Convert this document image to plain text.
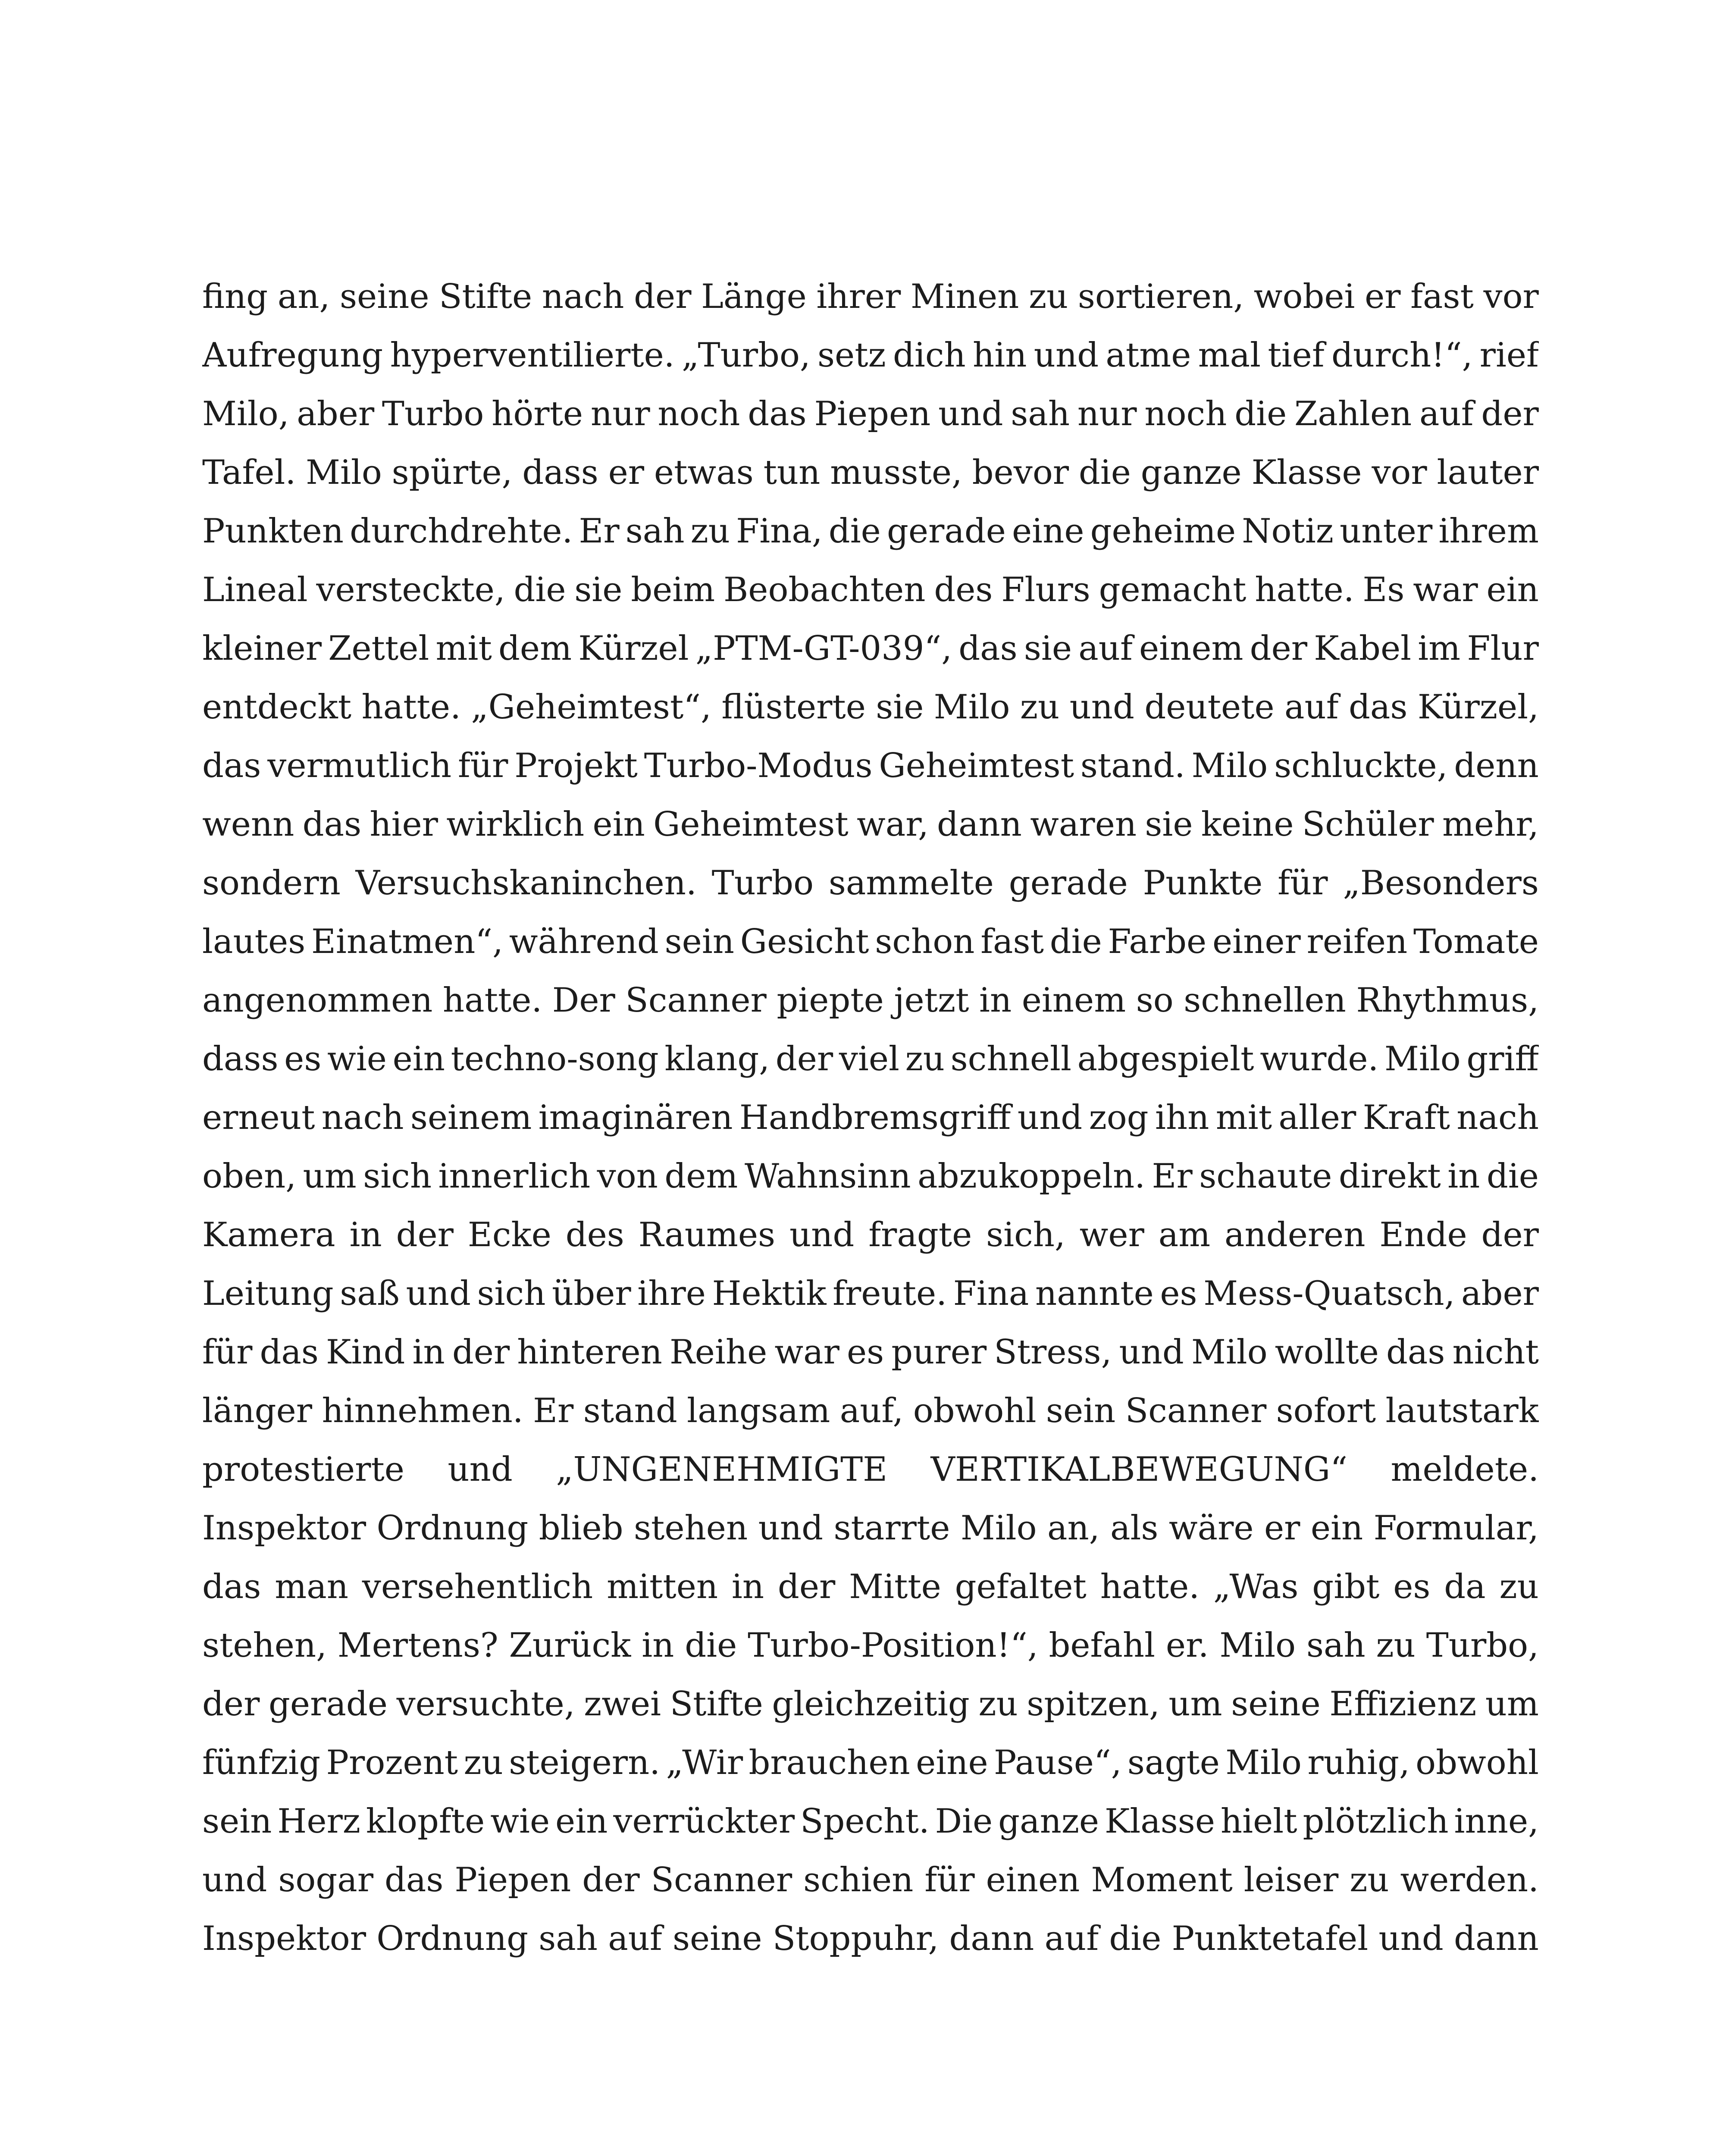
fing an, seine Stifte nach der Länge ihrer Minen zu sortieren, wobei er fast vor
Aufregung hyperventilierte. „Turbo, setz dich hin und atme mal tief durch!“, rief
Milo, aber Turbo hörte nur noch das Piepen und sah nur noch die Zahlen auf der
Tafel. Milo spürte, dass er etwas tun musste, bevor die ganze Klasse vor lauter
Punkten durchdrehte. Er sah zu Fina, die gerade eine geheime Notiz unter ihrem
Lineal versteckte, die sie beim Beobachten des Flurs gemacht hatte. Es war ein
kleiner Zettel mit dem Kürzel „PTM-GT-039“, das sie auf einem der Kabel im Flur
entdeckt hatte. „Geheimtest“, flüsterte sie Milo zu und deutete auf das Kürzel,
das vermutlich für Projekt Turbo-Modus Geheimtest stand. Milo schluckte, denn
wenn das hier wirklich ein Geheimtest war, dann waren sie keine Schüler mehr,
sondern Versuchskaninchen. Turbo sammelte gerade Punkte für „Besonders
lautes Einatmen“, während sein Gesicht schon fast die Farbe einer reifen Tomate
angenommen hatte. Der Scanner piepte jetzt in einem so schnellen Rhythmus,
dass es wie ein techno-song klang, der viel zu schnell abgespielt wurde. Milo griff
erneut nach seinem imaginären Handbremsgriff und zog ihn mit aller Kraft nach
oben, um sich innerlich von dem Wahnsinn abzukoppeln. Er schaute direkt in die
Kamera in der Ecke des Raumes und fragte sich, wer am anderen Ende der
Leitung saß und sich über ihre Hektik freute. Fina nannte es Mess-Quatsch, aber
für das Kind in der hinteren Reihe war es purer Stress, und Milo wollte das nicht
länger hinnehmen. Er stand langsam auf, obwohl sein Scanner sofort lautstark
protestierte und „UNGENEHMIGTE VERTIKALBEWEGUNG“ meldete.
Inspektor Ordnung blieb stehen und starrte Milo an, als wäre er ein Formular,
das man versehentlich mitten in der Mitte gefaltet hatte. „Was gibt es da zu
stehen, Mertens? Zurück in die Turbo-Position!“, befahl er. Milo sah zu Turbo,
der gerade versuchte, zwei Stifte gleichzeitig zu spitzen, um seine Effizienz um
fünfzig Prozent zu steigern. „Wir brauchen eine Pause“, sagte Milo ruhig, obwohl
sein Herz klopfte wie ein verrückter Specht. Die ganze Klasse hielt plötzlich inne,
und sogar das Piepen der Scanner schien für einen Moment leiser zu werden.
Inspektor Ordnung sah auf seine Stoppuhr, dann auf die Punktetafel und dann
